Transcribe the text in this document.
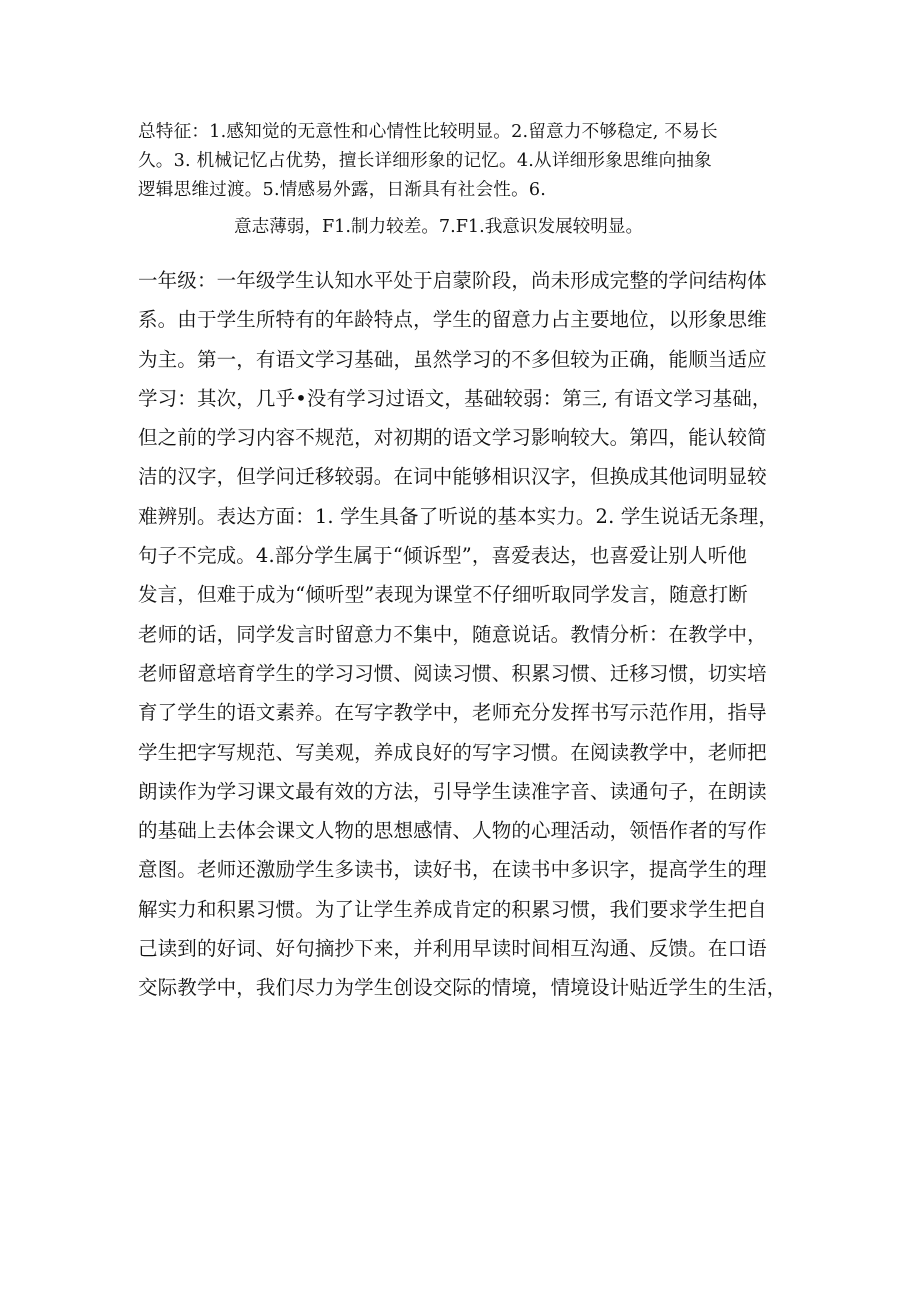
总特征：1.感知觉的无意性和心情性比较明显。2.留意力不够稳定, 不易长
久。3. 机械记忆占优势，擅长详细形象的记忆。4.从详细形象思维向抽象
逻辑思维过渡。5.情感易外露，日渐具有社会性。6.
意志薄弱，F1.制力较差。7.F1.我意识发展较明显。
一年级：一年级学生认知水平处于启蒙阶段，尚未形成完整的学问结构体
系。由于学生所特有的年龄特点，学生的留意力占主要地位，以形象思维
为主。第一，有语文学习基础，虽然学习的不多但较为正确，能顺当适应
学习：其次，几乎•没有学习过语文，基础较弱：第三, 有语文学习基础，
但之前的学习内容不规范，对初期的语文学习影响较大。第四，能认较简
洁的汉字，但学问迁移较弱。在词中能够相识汉字，但换成其他词明显较
难辨别。表达方面：1. 学生具备了听说的基本实力。2. 学生说话无条理，
句子不完成。4.部分学生属于“倾诉型”，喜爱表达，也喜爱让别人听他
发言，但难于成为“倾听型”表现为课堂不仔细听取同学发言，随意打断
老师的话，同学发言时留意力不集中，随意说话。教情分析：在教学中，
老师留意培育学生的学习习惯、阅读习惯、积累习惯、迁移习惯，切实培
育了学生的语文素养。在写字教学中，老师充分发挥书写示范作用，指导
学生把字写规范、写美观，养成良好的写字习惯。在阅读教学中，老师把
朗读作为学习课文最有效的方法，引导学生读准字音、读通句子，在朗读
的基础上去体会课文人物的思想感情、人物的心理活动，领悟作者的写作
意图。老师还激励学生多读书，读好书，在读书中多识字，提高学生的理
解实力和积累习惯。为了让学生养成肯定的积累习惯，我们要求学生把自
己读到的好词、好句摘抄下来，并利用早读时间相互沟通、反馈。在口语
交际教学中，我们尽力为学生创设交际的情境，情境设计贴近学生的生活，
